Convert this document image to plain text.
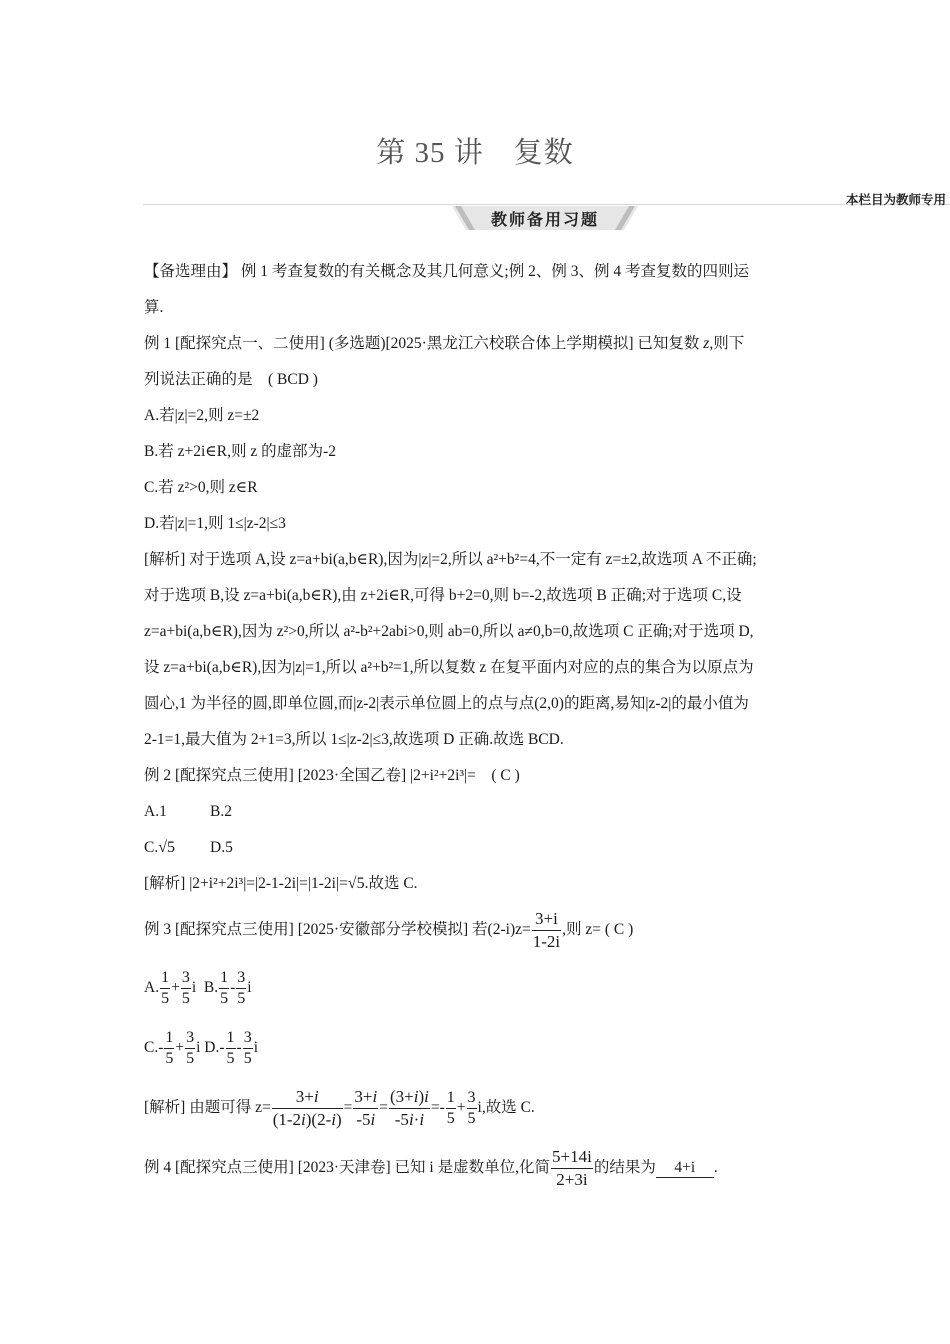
第 35 讲　复数
本栏目为教师专用
教师备用习题
【备选理由】 例 1 考查复数的有关概念及其几何意义;例 2、例 3、例 4 考查复数的四则运
算.
例 1 [配探究点一、二使用] (多选题)[2025·黑龙江六校联合体上学期模拟] 已知复数 z,则下
列说法正确的是　( BCD )
A.若|z|=2,则 z=±2
B.若 z+2i∈R,则 z 的虚部为-2
C.若 z²>0,则 z∈R
D.若|z|=1,则 1≤|z-2|≤3
[解析] 对于选项 A,设 z=a+bi(a,b∈R),因为|z|=2,所以 a²+b²=4,不一定有 z=±2,故选项 A 不正确;
对于选项 B,设 z=a+bi(a,b∈R),由 z+2i∈R,可得 b+2=0,则 b=-2,故选项 B 正确;对于选项 C,设
z=a+bi(a,b∈R),因为 z²>0,所以 a²-b²+2abi>0,则 ab=0,所以 a≠0,b=0,故选项 C 正确;对于选项 D,
设 z=a+bi(a,b∈R),因为|z|=1,所以 a²+b²=1,所以复数 z 在复平面内对应的点的集合为以原点为
圆心,1 为半径的圆,即单位圆,而|z-2|表示单位圆上的点与点(2,0)的距离,易知|z-2|的最小值为
2-1=1,最大值为 2+1=3,所以 1≤|z-2|≤3,故选项 D 正确.故选 BCD.
例 2 [配探究点三使用] [2023·全国乙卷] |2+i²+2i³|=　( C )
A.1	B.2
C.√5 D.5
[解析] |2+i²+2i³|=|2-1-2i|=|1-2i|=√5.故选 C.
例 3 [配探究点三使用] [2025·安徽部分学校模拟] 若$(2-i)z= \frac{3+i}{1-2i}$ ,则 z= ( C )
A. $\frac{1}{5} + \frac{3}{5}$ i  B. $\frac{1}{5} - \frac{3}{5}$ i
$C.- \frac{1}{5} + \frac{3}{5}$ i $D.- \frac{1}{5} - \frac{3}{5}$ i
[解析] 由题可得 $z= \frac{3+i}{(1-2i)(2-i)} = \frac{3+i}{-5i} = \frac{(3+i)i}{-5i\cdot i} =- \frac{1}{5} + \frac{3}{5} i$,故选 C.
例 4 [配探究点三使用] [2023·天津卷] 已知 i 是虚数单位,化简 $\frac{5+14i}{2+3i}$ 的结果为 4+i .
